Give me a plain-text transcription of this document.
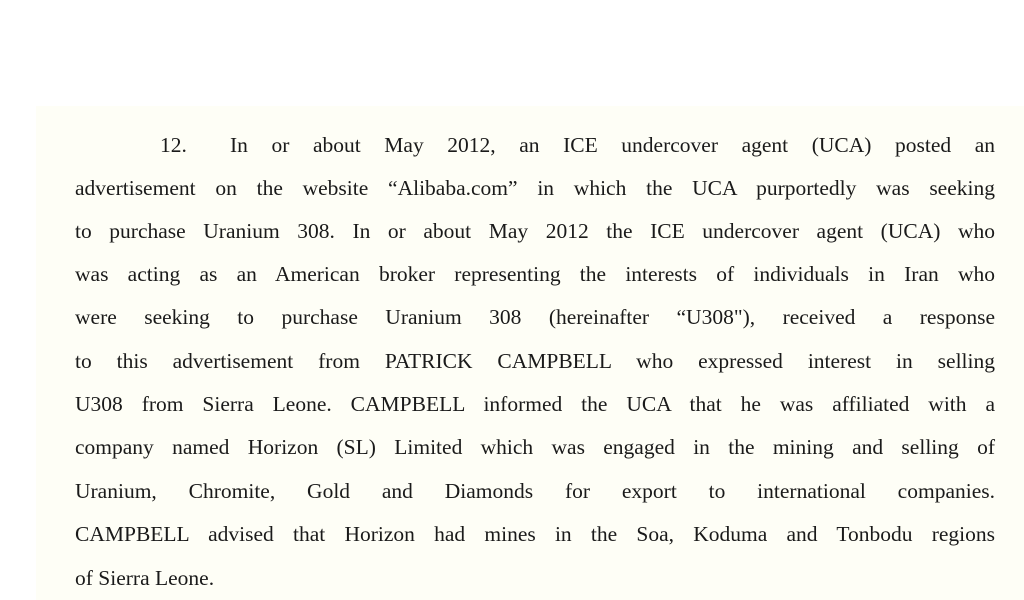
12. In or about May 2012, an ICE undercover agent (UCA) posted an
advertisement on the website “Alibaba.com” in which the UCA purportedly was seeking
to purchase Uranium 308. In or about May 2012 the ICE undercover agent (UCA) who
was acting as an American broker representing the interests of individuals in Iran who
were seeking to purchase Uranium 308 (hereinafter “U308"), received a response
to this advertisement from PATRICK CAMPBELL who expressed interest in selling
U308 from Sierra Leone. CAMPBELL informed the UCA that he was affiliated with a
company named Horizon (SL) Limited which was engaged in the mining and selling of
Uranium, Chromite, Gold and Diamonds for export to international companies.
CAMPBELL advised that Horizon had mines in the Soa, Koduma and Tonbodu regions
of Sierra Leone.
